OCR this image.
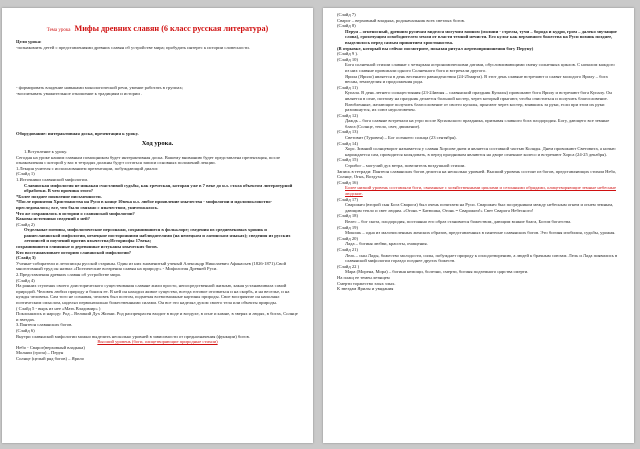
Тема урока Мифы древних славян (6 класс русская литература)

Цели урока:

-познакомить детей с представлениями древних славян об устройстве мира; пробудить интерес к истории словесности.

- формировать владение навыками монологической речи, умение работать в группах;

-воспитывать уважительное отношение к традициям и истории .

Оборудование: интерактивная доска, презентация к уроку.

Ход урока.

1.Вступление к уроку.

Сегодня на уроке нашим главным помощником будет интерактивная доска. Вашему вниманию будет представлена презентация, после ознакомления с которой у вас в тетрадях должны будут остаться записи основных положений лекции.

1.Лекция учителя с использованием презентации, побуждающий диалог.

(Слайд 1)

1.Источники славянской мифологии.

Славянская мифология не никакая счастливой судьбы, как греческая, которая уже в 7 веке до н.э. стала объектом литературной обработки. В чем причина этого?

*Более позднее появление письменности.

*После принятия Христианства на Руси в конце 10века н.э. любое проявление язычества - мифологии и идолопоклонство- преследовалось; все, что было связано с язычеством, уничтожалось.

Что же сохранилось в истории о славянской мифологии?

Каковы источники сведений о ней?

(Слайд 2)

Отдельные мотивы, мифологические персонажи, сохранившиеся в фольклоре; сведения из средневековых хроник и раннеславянской мифологии, немецкие посторонними наблюдателями (на немецком и латинском языках); сведения из русских летописей и поучений против язычества;Историофы 17века;

сохранившиеся глиняные и деревянные истуканы языческих богов.

Кто восстанавливает историю славянской мифологии?

(Слайд 3)

Ученые-собиратели и летописцы русской старины. Один из них знаменитый ученый Александр Николаевич Афанасьев (1826-1871).Свой многотомный труд он назвал «Поэтические воззрения славян на природу» - Мифология Древней Руси.

2.Представления древних славян об устройстве мира.

(Слайд 4)

На ранних ступенях своего доисторического существования славяне жили просто, непосредственной жизнью, какая устанавливала самой природой. Человек любил природу и боялся ее. В ней он находил живое существо, всегда готовое отозваться и на скорбь, и на веселье, и на нужды человека. Сам того не сознавая, человек был поэтом, подмечая всевозможные картины природы. Свое восприятие он наполнял поэтическим смыслом, наделял первоначально божественными силами. Он все это наделял духом своего тела или объекты природы.

( Слайд 5 - вырь из нее «Мать Владимир» )

Поклонялись и народу: Род – Великий Дух Жизни. Род распрекрасен входит в воде и воздухе, в огне и камне, в зверях и людях, в богах, Солнце и звездах.

3.Пантеон славянских богов.

(Слайд 6)

Внутри славянской мифологии можно выделить несколько уровней в зависимости от предназначения (функции) богов.

Высший уровень (боги, олицетворяющие природные стихии)

Небо - Сварог(верховный владыка)

Молнии (гроза) – Перун

Солнце (целый ряд богов) – Ярило

(Слайд 7)

Сварог – верховный владыка, родоначальник всех светлых богов.

(Слайд 8)

Перун – огненосный, древним русичам виделся могучим воином (молнии - стрелы, тучи – борода и кудри, гром – далеко звучащие слова), грохочущим освободителем земли от власти темной нечисти. Его культ как верховного божества на Руси возник позднее, выделилось перед самым принятием христианства.

(В отрывке, который вы сейчас посмотрите, показан ритуал жертвоприношения богу Перуну)

(Слайд 9 ).

(Слайд 10)

Бога солнечной стихии славяне с четырьмя астрономическими датами, обусловливающими смену солнечных циклов. С началом каждого из них славяне провожали одного Солнечного бога и встречали другого.

Ярила (Ярило) является в день весеннего равноденствия (24-25марта). В этот день славяне встречают и славят молодого Ярилу – бога весны, земледелия и продолжения рода.

(Слайд 11)

Купала. В день летнего солнцестояния (23-24июня – славянский праздник Купалы) провожают бога Ярилу и встречают бога Купалу. Он является в огне, поэтому на праздник делается большой костер, через который прыгают, чтобы очиститься и получить благословение. Влюбленные, желающие получить благословение от своего купалы, прыгают через костер, взявшись за руки, если при этом их руки разомкнутся, их союз недолговечен.

(Слайд 12)

Даждь – бога славяне встречали на утро после Купальского праздника, призывая славного бога плодородия. Богу, дающего все земные блага (Солнце, тепло, свет, движение).

(Слайд 13)

Световит (Туровен) – Бог осеннего солнца (23 сентября).

(Слайд 14)

Хорс. Зимний солнцеворот называется у славян Хорсове днем и является составной частью Коляды. Днем провожают Световита, а ночью нарождается сам, проводится колядовать, в перед праздником являются на дворе огненное колесо и встречают Хорса (24-25 декабря).

(Слайд 15)

Стрибог – могучий дух ветра, повелитель воздушной стихии.

Запись в тетради: Пантеон славянских богов делится на несколько уровней. Высший уровень состоят из богов, представляющих стихии Небо, Солнце, Огнь, Воздуха.

(Слайд 16)

Более низкий уровень составляли боги, связанные с хозяйственными циклами и сезонными обрядами, олицетворяющие земные небесные людские.

(Слайд 17)

Сварожич (второй сын Бога Сварога) был очень почитаем на Руси. Сварожич был посредником между небесным огнем и огнем земным, дающим тепло и свет людям. «Огонь = Батюшка, Огонь = Сварожич!» Свет Сварога Небесного!

(Слайд 18)

Велес – бог скота, плодородия, постоянно его образ становится божеством, дающим всякие блага, Богом богатства.

(Слайд 19)

Мокошь – одна из малочисленных женских образов, представленных в пантеоне славянских богов. Это богиня изобилия, судьбы, урожая.

(Слайд 20)

Лада – богиня любви, красоты, очищения.

(Слайд 21)

Лель – сын Лады, божество молодости, силы, побуждает природу к оплодотворению, а людей к брачным союзам. Лель и Лада появились в славянской мифологии гораздо позднее других божеств.

(Слайд 22 )

Мара (Морена, Мора) – богиня немощи, болезни, смерти, богиня подземного царства смерти.

На плащ ее темен летящем

Смерти торжество злых злых.

К звездам Ярилы и увядания
